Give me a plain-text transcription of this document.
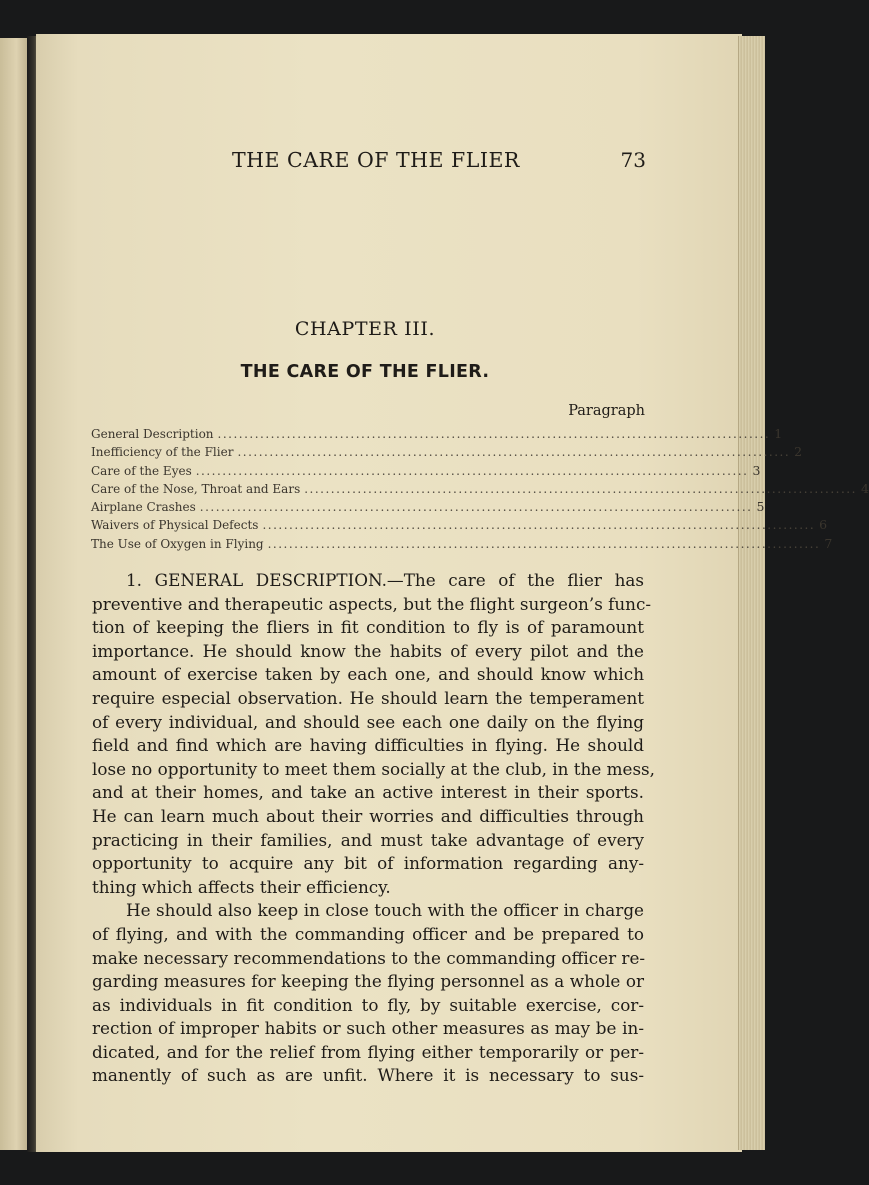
THE CARE OF THE FLIER	73
CHAPTER III.
THE CARE OF THE FLIER.
Paragraph
General Description ........................................................................................................ 1
Inefficiency of the Flier ........................................................................................................ 2
Care of the Eyes ........................................................................................................ 3
Care of the Nose, Throat and Ears ........................................................................................................ 4
Airplane Crashes ........................................................................................................ 5
Waivers of Physical Defects ........................................................................................................ 6
The Use of Oxygen in Flying ........................................................................................................ 7
1. GENERAL DESCRIPTION.—The care of the flier has
preventive and therapeutic aspects, but the flight surgeon’s func-
tion of keeping the fliers in fit condition to fly is of paramount
importance. He should know the habits of every pilot and the
amount of exercise taken by each one, and should know which
require especial observation. He should learn the temperament
of every individual, and should see each one daily on the flying
field and find which are having difficulties in flying. He should
lose no opportunity to meet them socially at the club, in the mess,
and at their homes, and take an active interest in their sports.
He can learn much about their worries and difficulties through
practicing in their families, and must take advantage of every
opportunity to acquire any bit of information regarding any-
thing which affects their efficiency.
He should also keep in close touch with the officer in charge
of flying, and with the commanding officer and be prepared to
make necessary recommendations to the commanding officer re-
garding measures for keeping the flying personnel as a whole or
as individuals in fit condition to fly, by suitable exercise, cor-
rection of improper habits or such other measures as may be in-
dicated, and for the relief from flying either temporarily or per-
manently of such as are unfit. Where it is necessary to sus-
